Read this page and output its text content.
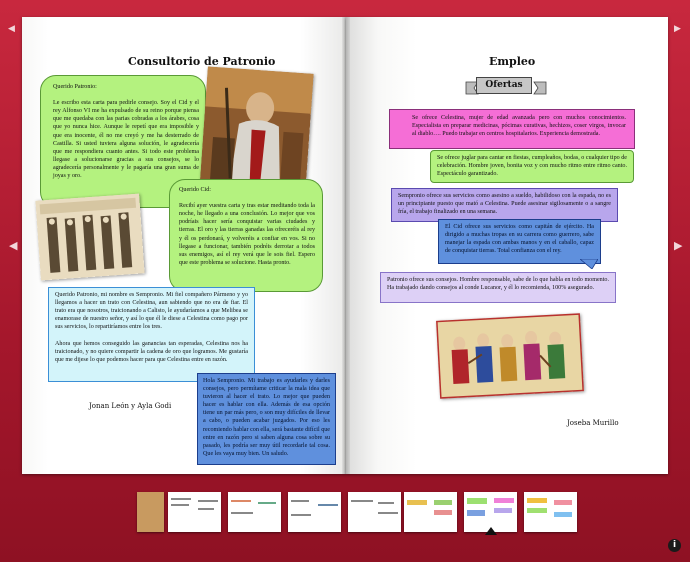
◀​
◀
▶
▶
Consultorio de Patronio
Querido Patronio:

Le escribo esta carta para pedirle consejo. Soy el Cid y el rey Alfonso VI me ha expulsado de su reino porque piensa que me quedaba con las parias cobradas a los árabes, cosa que yo nunca hice. Aunque le repetí que era imposible y que era inocente, él no me creyó y me ha desterrado de Castilla. Si usted tuviera alguna solución, le agradecería que me respondiera cuanto antes. Si todo este problema llegase a solucionarse gracias a sus consejos, se lo agradecería personalmente y le pagaría una gran suma de joyas y oro.
Querido Cid:

Recibí ayer vuestra carta y tras estar meditando toda la noche, he llegado a una conclusión. Lo mejor que vos podríais hacer sería conquistar varias ciudades y tierras. El oro y las tierras ganadas las ofreceréis al rey y él os perdonará, y volveréis a confiar en vos. Si no llegase a funcionar, también podréis derrotar a todos sus enemigos, así el rey verá que le sois fiel. Espero que este problema se solucione. Hasta pronto.
Querido Patronio, mi nombre es Sempronio. Mi fiel compañero Pármeno y yo llegamos a hacer un trato con Celestina, aun sabiendo que no era de fiar. El trato era que nosotros, traicionando a Calisto, le ayudaríamos a que Melibea se enamorase de nuestro señor, y así lo que él le diese a Celestina como pago por sus servicios, lo repartiríamos entre los tres.

Ahora que hemos conseguido las ganancias tan esperadas, Celestina nos ha traicionado, y no quiere compartir la cadena de oro que logramos. Me gustaría que me dijese lo que podemos hacer para que Celestina entre en razón.
Jonan León y Ayla Godi
Hola Sempronio. Mi trabajo es ayudarles y darles consejos, pero permítame criticar la mala idea que tuvieron al hacer el trato. Lo mejor que pueden hacer es hablar con ella. Además de esa opción tiene un par más pero, o son muy difíciles de llevar a cabo, o pueden acabar juzgados. Por eso les recomiendo hablar con ella, será bastante difícil que entre en razón pero si saben alguna cosa sobre su pasado, les podría ser muy útil recordarle tal cosa. Que les vaya muy bien. Un saludo.
Empleo
Se ofrece Celestina, mujer de edad avanzada pero con muchos conocimientos. Especialista en preparar medicinas, pócimas curativas, hechizos, coser virgos, invocar al diablo…. Puedo trabajar en centros hospitalarios. Experiencia demostrada.
Se ofrece juglar para cantar en fiestas, cumpleaños, bodas, o cualquier tipo de celebración. Hombre joven, bonita voz y con mucho ritmo entre ritmo canto. Espectáculo garantizado.
Sempronio ofrece sus servicios como asesino a sueldo, habilidoso con la espada, no es un principiante puesto que mató a Celestina. Puede asesinar sigilosamente o a sangre fría, el trabajo finalizado en una semana.
El Cid ofrece sus servicios como capitán de ejército. Ha dirigido a muchas tropas en su carrera como guerrero, sabe manejar la espada con ambas manos y en el caballo, capaz de conquistar tierras. Total confianza con el rey.
Patronio ofrece sus consejos. Hombre responsable, sabe de lo que habla en todo momento. Ha trabajado dando consejos al conde Lucanor, y él lo recomienda, 100% asegurado.
Joseba Murillo
Ofertas
i
